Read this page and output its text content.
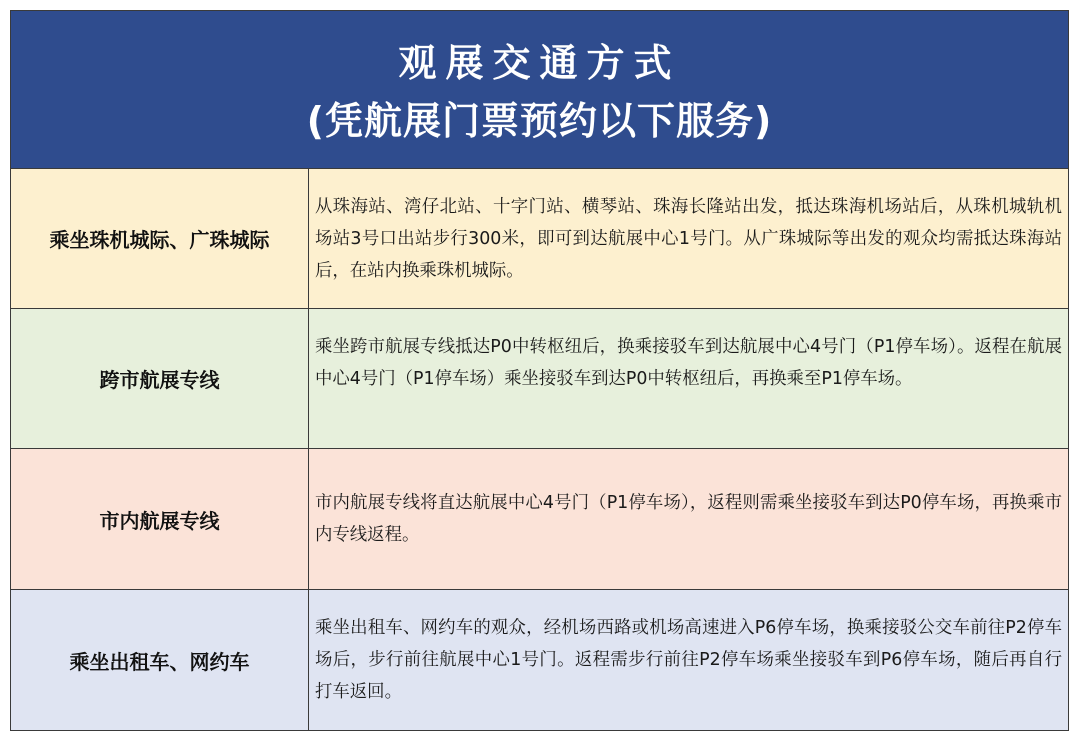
观展交通方式
(凭航展门票预约以下服务)
乘坐珠机城际、广珠城际
从珠海站、湾仔北站、十字门站、横琴站、珠海长隆站出发，抵达珠海机场站后，从珠机城轨机场站3号口出站步行300米，即可到达航展中心1号门。从广珠城际等出发的观众均需抵达珠海站后，在站内换乘珠机城际。
跨市航展专线
乘坐跨市航展专线抵达P0中转枢纽后，换乘接驳车到达航展中心4号门（P1停车场）。返程在航展中心4号门（P1停车场）乘坐接驳车到达P0中转枢纽后，再换乘至P1停车场。
市内航展专线
市内航展专线将直达航展中心4号门（P1停车场），返程则需乘坐接驳车到达P0停车场，再换乘市内专线返程。
乘坐出租车、网约车
乘坐出租车、网约车的观众，经机场西路或机场高速进入P6停车场，换乘接驳公交车前往P2停车场后，步行前往航展中心1号门。返程需步行前往P2停车场乘坐接驳车到P6停车场，随后再自行打车返回。
